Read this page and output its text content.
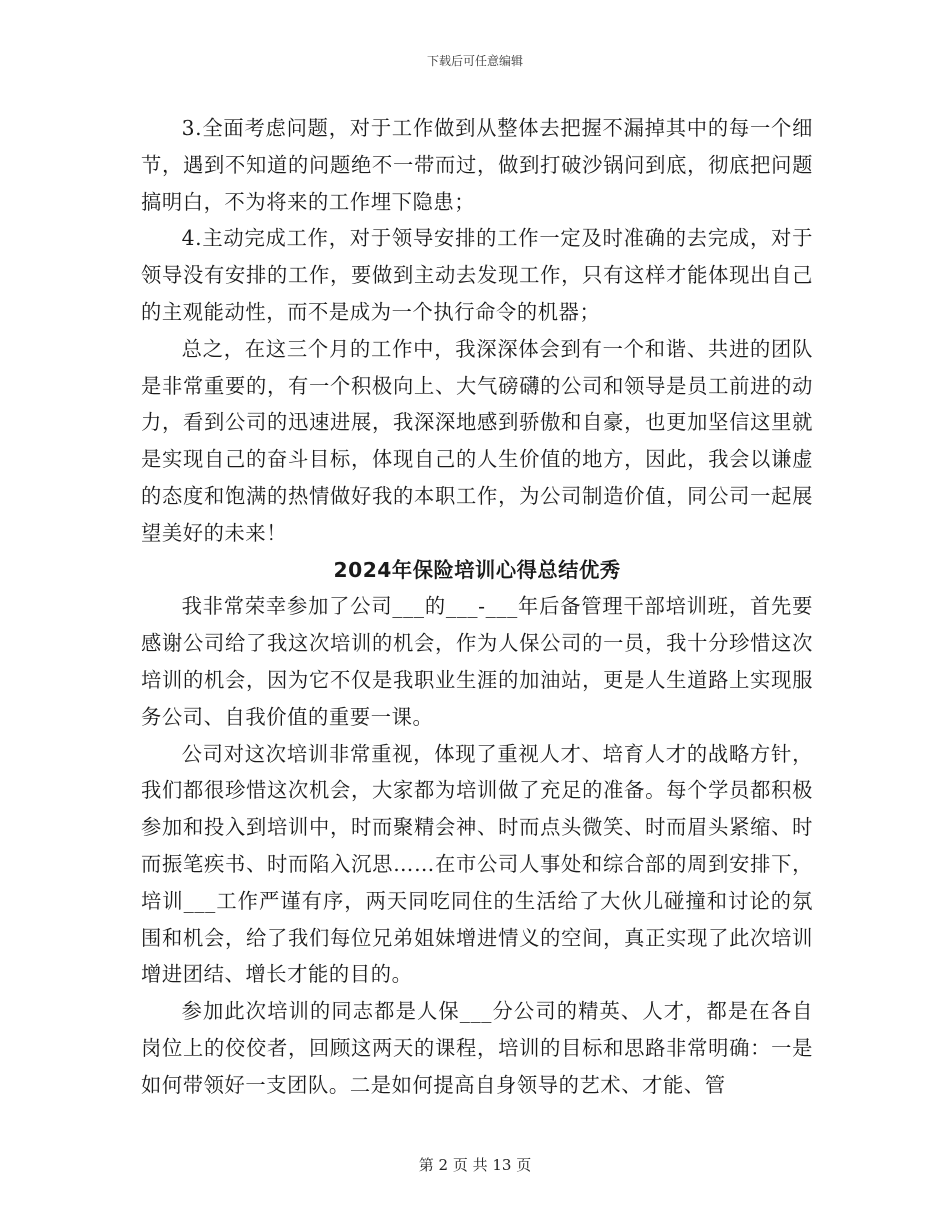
下载后可任意编辑

3.全面考虑问题，对于工作做到从整体去把握不漏掉其中的每一个细节，遇到不知道的问题绝不一带而过，做到打破沙锅问到底，彻底把问题搞明白，不为将来的工作埋下隐患；

4.主动完成工作，对于领导安排的工作一定及时准确的去完成，对于领导没有安排的工作，要做到主动去发现工作，只有这样才能体现出自己的主观能动性，而不是成为一个执行命令的机器；

总之，在这三个月的工作中，我深深体会到有一个和谐、共进的团队是非常重要的，有一个积极向上、大气磅礴的公司和领导是员工前进的动力，看到公司的迅速进展，我深深地感到骄傲和自豪，也更加坚信这里就是实现自己的奋斗目标，体现自己的人生价值的地方，因此，我会以谦虚的态度和饱满的热情做好我的本职工作，为公司制造价值，同公司一起展望美好的未来！

2024年保险培训心得总结优秀

我非常荣幸参加了公司___的___-___年后备管理干部培训班，首先要感谢公司给了我这次培训的机会，作为人保公司的一员，我十分珍惜这次培训的机会，因为它不仅是我职业生涯的加油站，更是人生道路上实现服务公司、自我价值的重要一课。

公司对这次培训非常重视，体现了重视人才、培育人才的战略方针，我们都很珍惜这次机会，大家都为培训做了充足的准备。每个学员都积极参加和投入到培训中，时而聚精会神、时而点头微笑、时而眉头紧缩、时而振笔疾书、时而陷入沉思……在市公司人事处和综合部的周到安排下，培训___工作严谨有序，两天同吃同住的生活给了大伙儿碰撞和讨论的氛围和机会，给了我们每位兄弟姐妹增进情义的空间，真正实现了此次培训增进团结、增长才能的目的。

参加此次培训的同志都是人保___分公司的精英、人才，都是在各自岗位上的佼佼者，回顾这两天的课程，培训的目标和思路非常明确：一是如何带领好一支团队。二是如何提高自身领导的艺术、才能、管

第 2 页 共 13 页
